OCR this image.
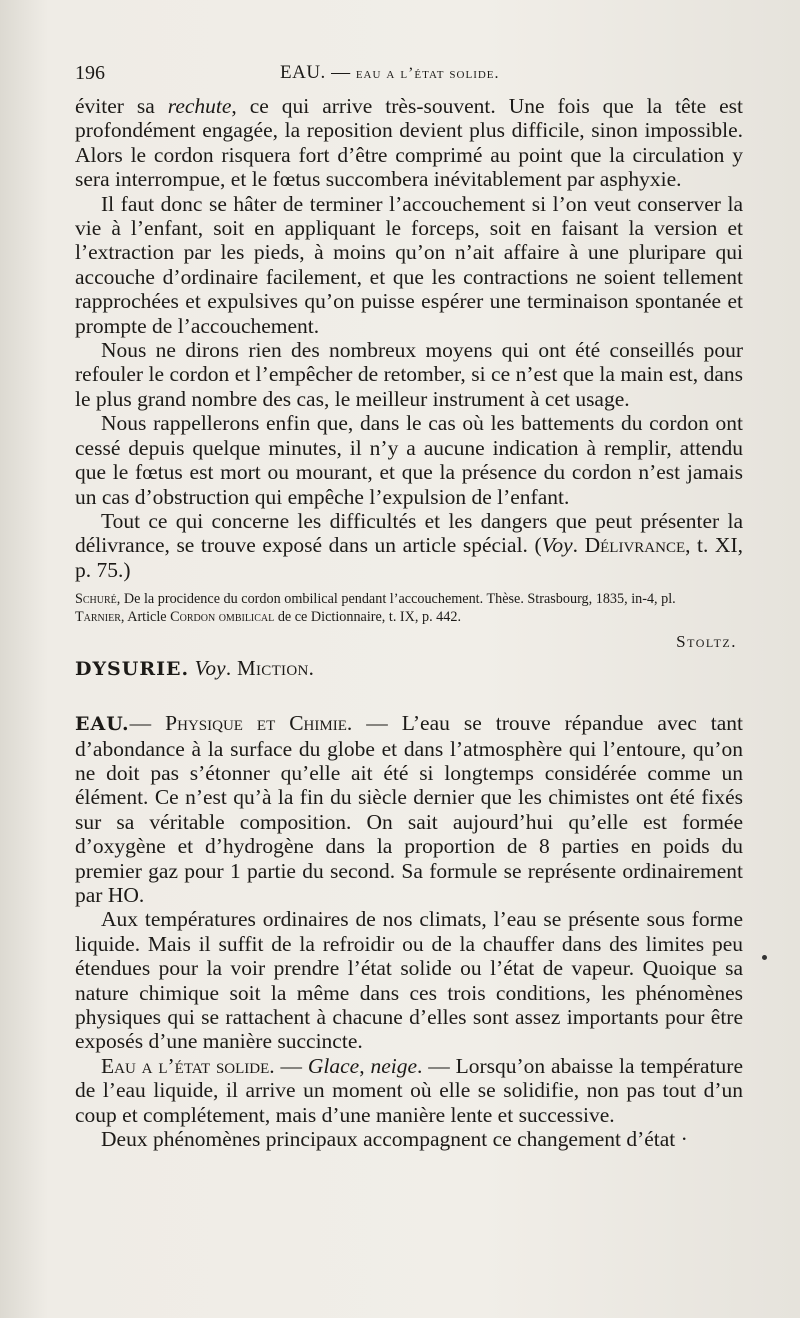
196	EAU. — eau a l’état solide.

éviter sa rechute, ce qui arrive très-souvent. Une fois que la tête est profondément engagée, la reposition devient plus difficile, sinon impossible. Alors le cordon risquera fort d’être comprimé au point que la circulation y sera interrompue, et le fœtus succombera inévitablement par asphyxie.

Il faut donc se hâter de terminer l’accouchement si l’on veut conserver la vie à l’enfant, soit en appliquant le forceps, soit en faisant la version et l’extraction par les pieds, à moins qu’on n’ait affaire à une pluripare qui accouche d’ordinaire facilement, et que les contractions ne soient tellement rapprochées et expulsives qu’on puisse espérer une terminaison spontanée et prompte de l’accouchement.

Nous ne dirons rien des nombreux moyens qui ont été conseillés pour refouler le cordon et l’empêcher de retomber, si ce n’est que la main est, dans le plus grand nombre des cas, le meilleur instrument à cet usage.

Nous rappellerons enfin que, dans le cas où les battements du cordon ont cessé depuis quelque minutes, il n’y a aucune indication à remplir, attendu que le fœtus est mort ou mourant, et que la présence du cordon n’est jamais un cas d’obstruction qui empêche l’expulsion de l’enfant.

Tout ce qui concerne les difficultés et les dangers que peut présenter la délivrance, se trouve exposé dans un article spécial. (Voy. Délivrance, t. XI, p. 75.)

Schuré, De la procidence du cordon ombilical pendant l’accouchement. Thèse. Strasbourg, 1835, in-4, pl.

Tarnier, Article Cordon ombilical de ce Dictionnaire, t. IX, p. 442.

Stoltz.
DYSURIE. Voy. Miction.

EAU.— Physique et Chimie. — L’eau se trouve répandue avec tant d’abondance à la surface du globe et dans l’atmosphère qui l’entoure, qu’on ne doit pas s’étonner qu’elle ait été si longtemps considérée comme un élément. Ce n’est qu’à la fin du siècle dernier que les chimistes ont été fixés sur sa véritable composition. On sait aujourd’hui qu’elle est formée d’oxygène et d’hydrogène dans la proportion de 8 parties en poids du premier gaz pour 1 partie du second. Sa formule se représente ordinairement par HO.

Aux températures ordinaires de nos climats, l’eau se présente sous forme liquide. Mais il suffit de la refroidir ou de la chauffer dans des limites peu étendues pour la voir prendre l’état solide ou l’état de vapeur. Quoique sa nature chimique soit la même dans ces trois conditions, les phénomènes physiques qui se rattachent à chacune d’elles sont assez importants pour être exposés d’une manière succincte.

Eau a l’état solide. — Glace, neige. — Lorsqu’on abaisse la température de l’eau liquide, il arrive un moment où elle se solidifie, non pas tout d’un coup et complétement, mais d’une manière lente et successive.

Deux phénomènes principaux accompagnent ce changement d’état ·
